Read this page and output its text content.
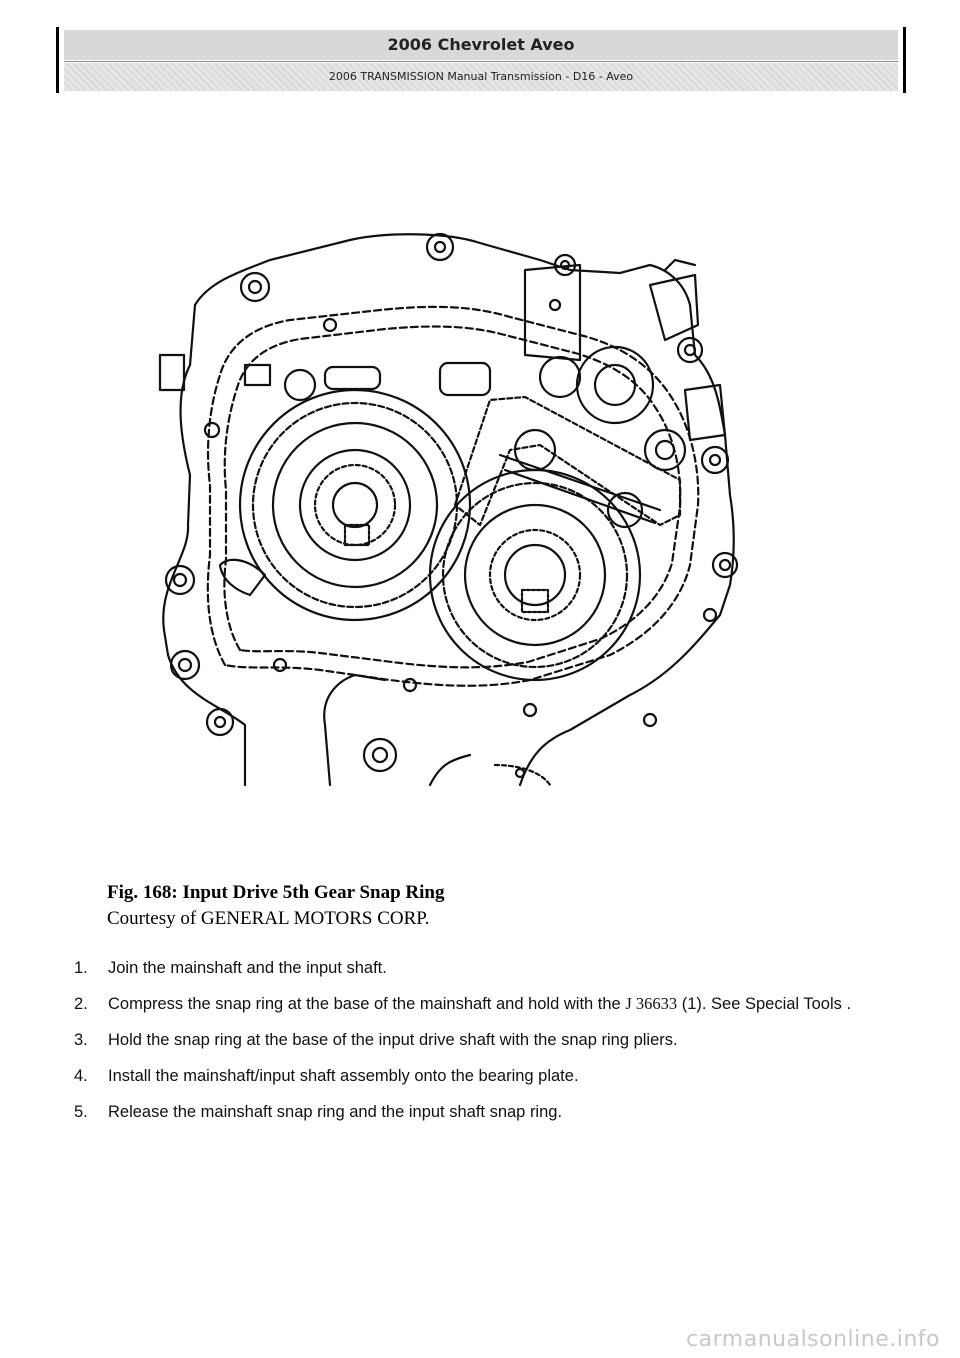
2006 Chevrolet Aveo
2006 TRANSMISSION Manual Transmission - D16 - Aveo
Fig. 168: Input Drive 5th Gear Snap Ring
Courtesy of GENERAL MOTORS CORP.
1. Join the mainshaft and the input shaft.
2. Compress the snap ring at the base of the mainshaft and hold with the J 36633 (1). See Special Tools .
3. Hold the snap ring at the base of the input drive shaft with the snap ring pliers.
4. Install the mainshaft/input shaft assembly onto the bearing plate.
5. Release the mainshaft snap ring and the input shaft snap ring.
carmanualsonline.info
